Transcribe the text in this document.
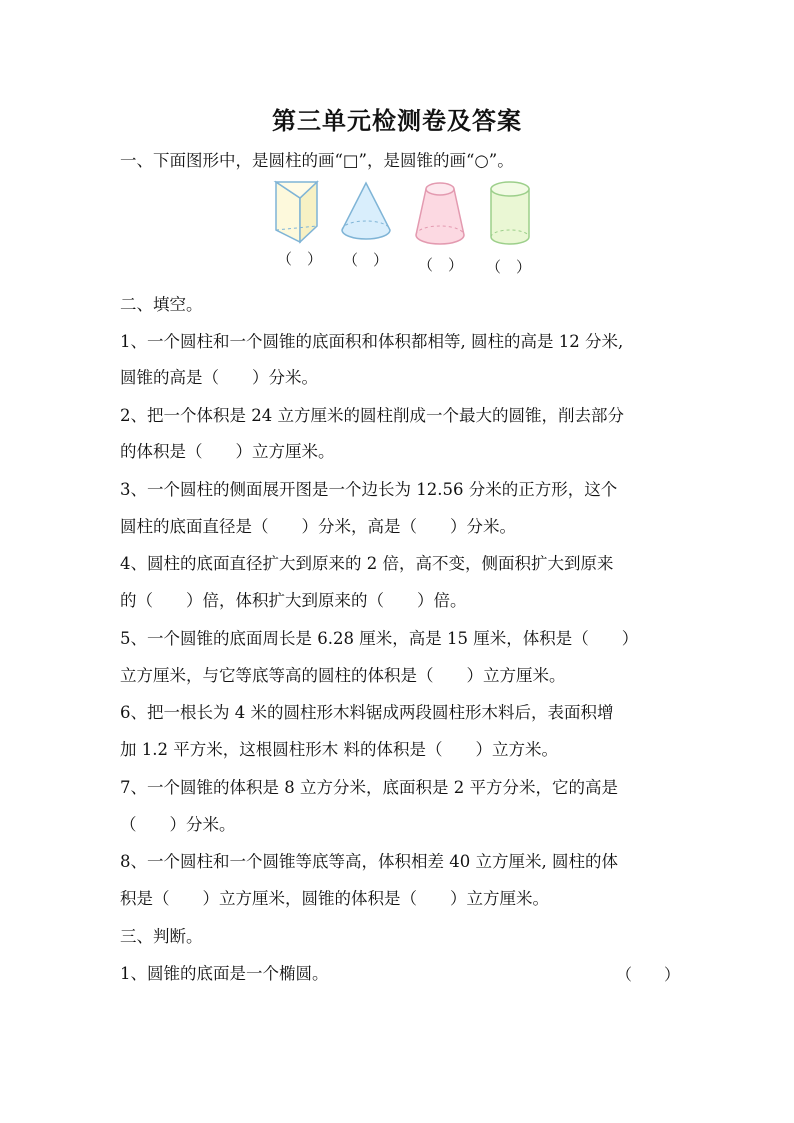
第三单元检测卷及答案
一、下面图形中，是圆柱的画“□”，是圆锥的画“○”。
（　） （　） （　） （　）
二、填空。
1、一个圆柱和一个圆锥的底面积和体积都相等, 圆柱的高是 12 分米,
圆锥的高是（　　）分米。
2、把一个体积是 24 立方厘米的圆柱削成一个最大的圆锥，削去部分
的体积是（　　）立方厘米。
3、一个圆柱的侧面展开图是一个边长为 12.56 分米的正方形，这个
圆柱的底面直径是（　　）分米，高是（　　）分米。
4、圆柱的底面直径扩大到原来的 2 倍，高不变，侧面积扩大到原来
的（　　）倍，体积扩大到原来的（　　）倍。
5、一个圆锥的底面周长是 6.28 厘米，高是 15 厘米，体积是（　　）
立方厘米，与它等底等高的圆柱的体积是（　　）立方厘米。
6、把一根长为 4 米的圆柱形木料锯成两段圆柱形木料后，表面积增
加 1.2 平方米，这根圆柱形木 料的体积是（　　）立方米。
7、一个圆锥的体积是 8 立方分米，底面积是 2 平方分米，它的高是
（　　）分米。
8、一个圆柱和一个圆锥等底等高，体积相差 40 立方厘米, 圆柱的体
积是（　　）立方厘米，圆锥的体积是（　　）立方厘米。
三、判断。
1、圆锥的底面是一个椭圆。	（　　）
